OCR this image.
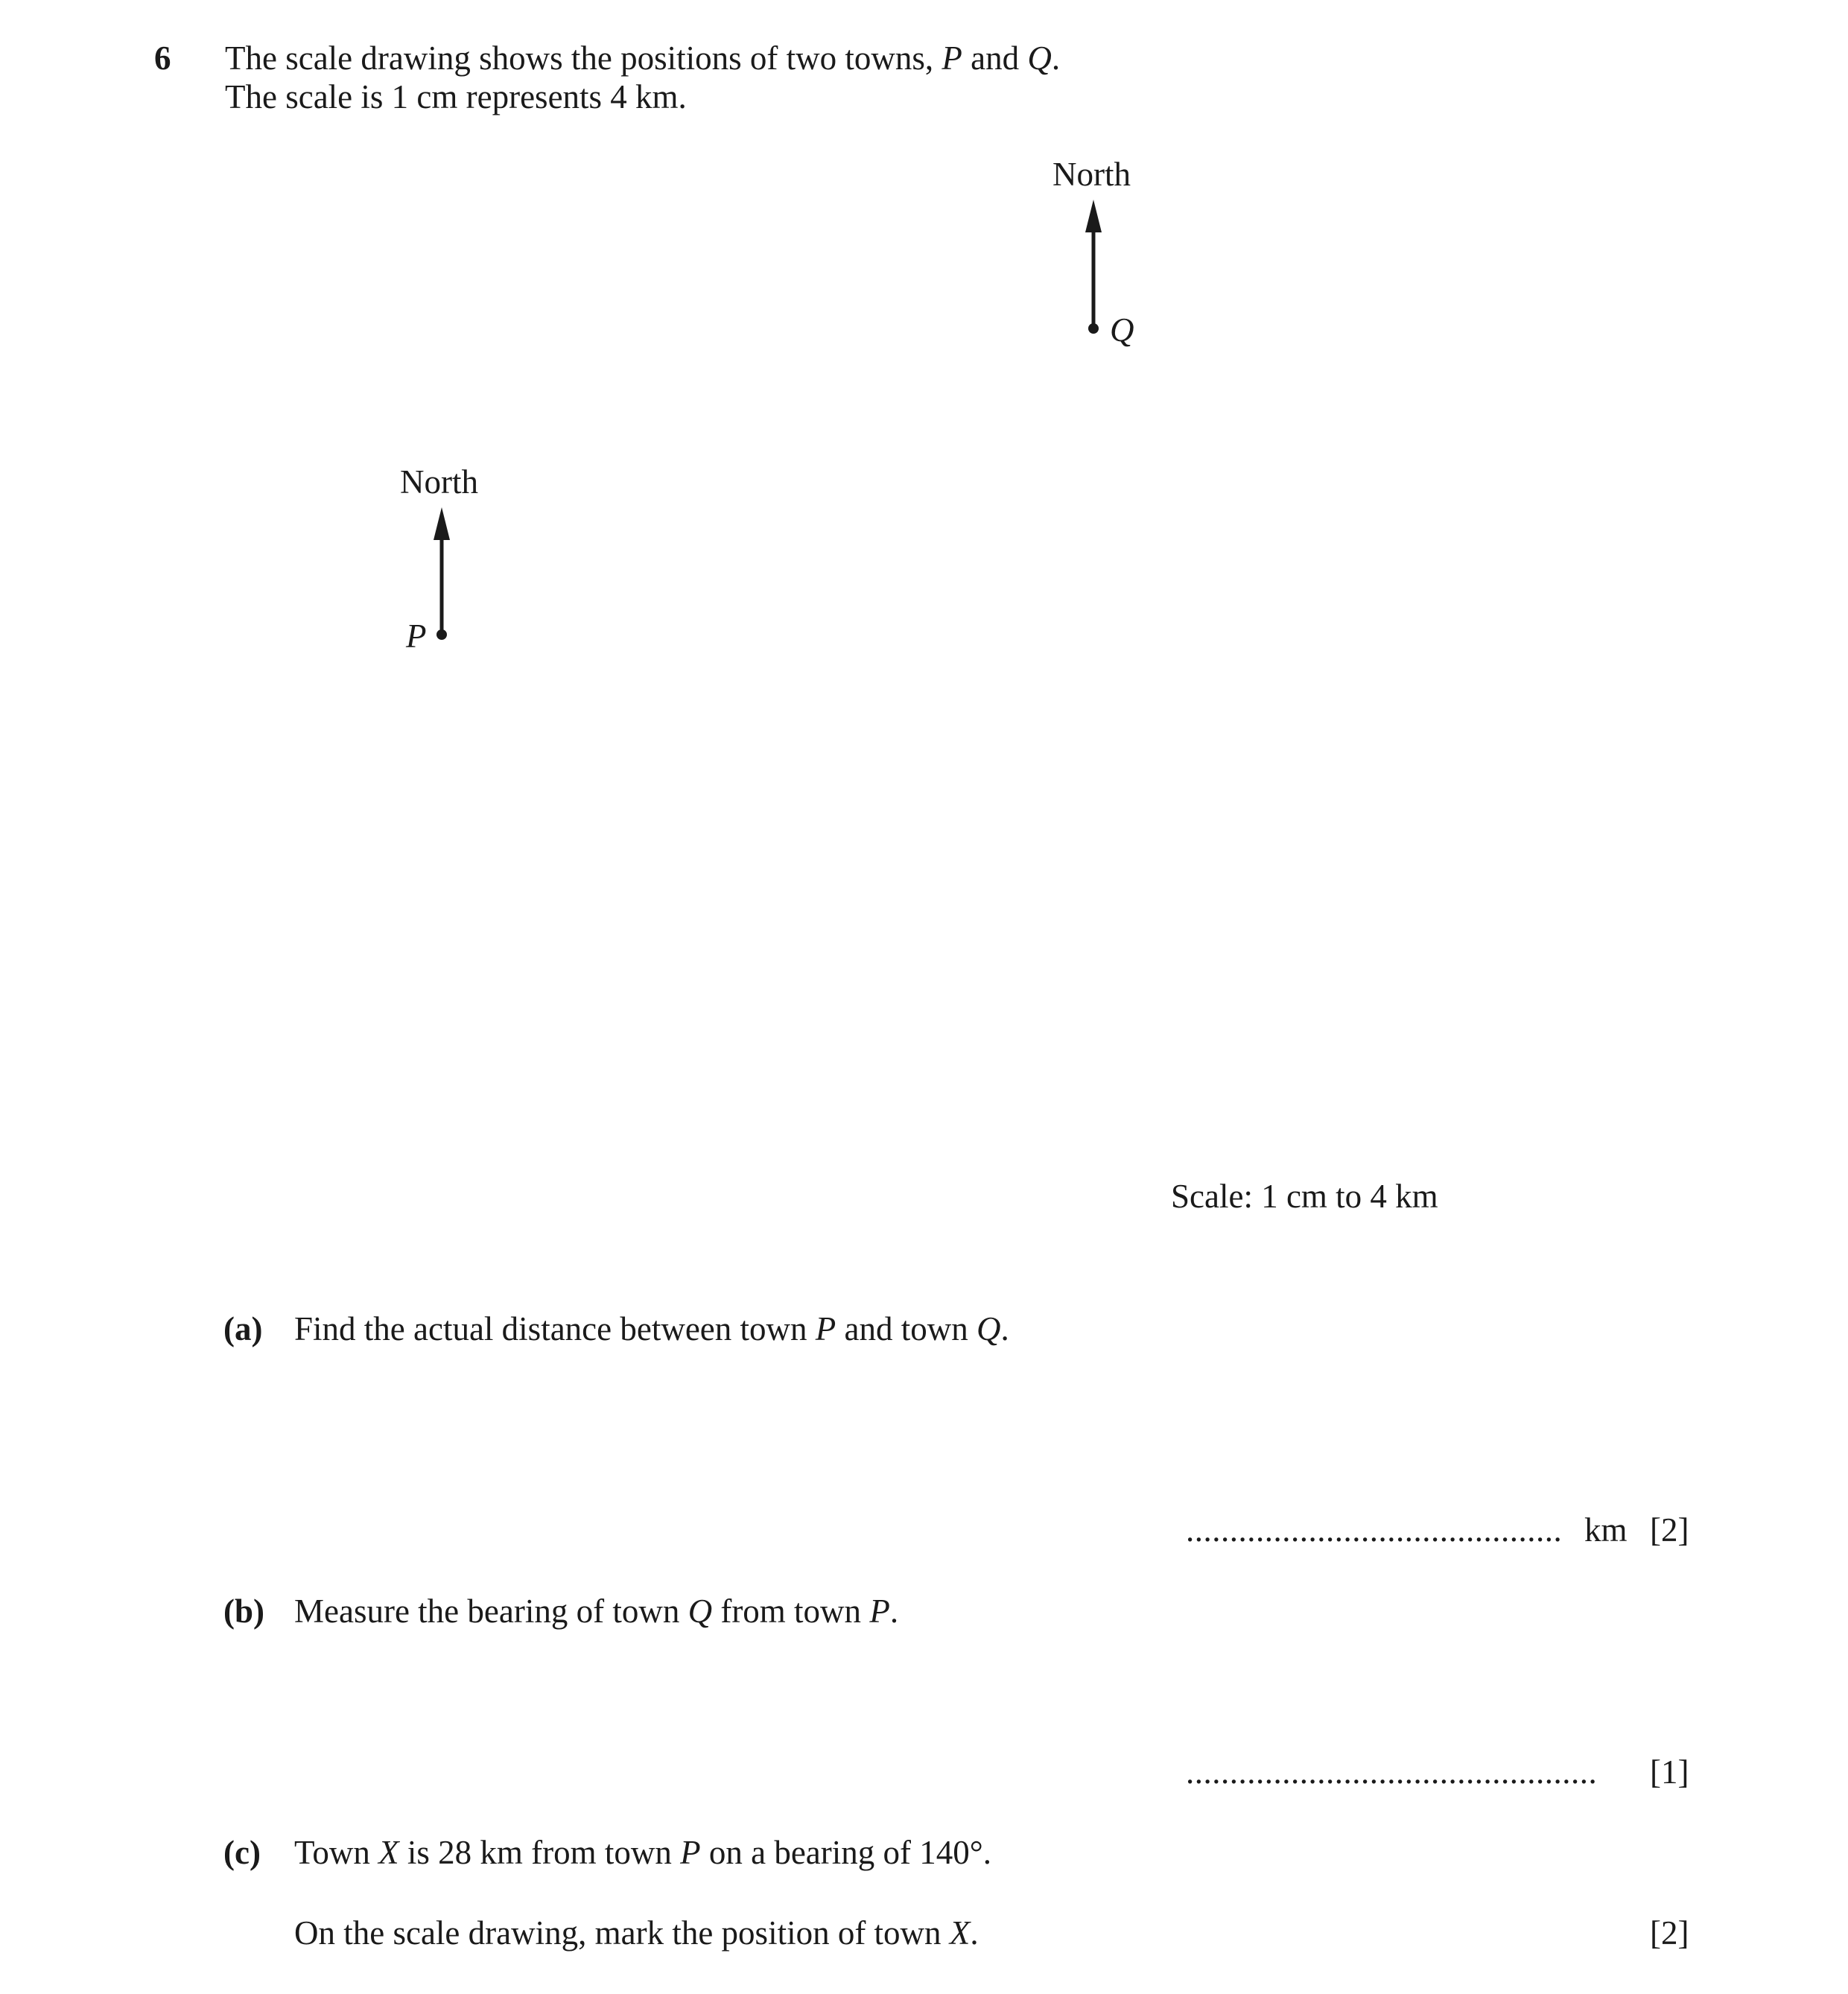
6 The scale drawing shows the positions of two towns, P and Q.
The scale is 1 cm represents 4 km.
North
Q
North
P
Scale: 1 cm to 4 km
(a) Find the actual distance between town P and town Q.
........................................... km [2]
(b) Measure the bearing of town Q from town P.
............................................... [1]
(c) Town X is 28 km from town P on a bearing of 140°.
On the scale drawing, mark the position of town X.	[2]
